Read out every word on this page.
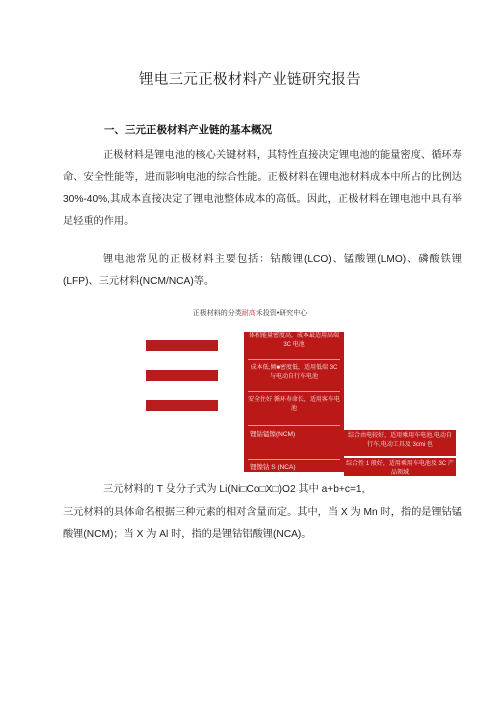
锂电三元正极材料产业链研究报告
一、三元正极材料产业链的基本概况

正极材料是锂电池的核心关键材料，其特性直接决定锂电池的能量密度、循环寿命、安全性能等，进而影响电池的综合性能。正极材料在锂电池材料成本中所占的比例达 30%-40%,其成本直接决定了锂电池整体成本的高低。因此，正极材料在锂电池中具有举足轻重的作用。

锂电池常见的正极材料主要包括：钴酸锂(LCO)、锰酸锂(LMO)、磷酸铁锂(LFP)、三元材料(NCM/NCA)等。

正极材料的分类耐高禾投资•研究中心
体积能量密度高，成本最适用高端 3C 电池
成本低,倾■密度低，适用低端 3C 与电动自行车电池
安全住好 循环寿命长，适用客车电池
锂钴锰镍(NCM)
锂镍钴 S (NCA)
综合由电较好，适用乘用车电池,电动自行车,电动工具及 3cmi 也
综合性 1 般好，适用乘用车电池及 3C 产品领域

三元材料的 T 殳分子式为 Li(Ni□Co□X□)O2 其中 a+b+c=1,

三元材料的具体命名根据三种元素的相对含量而定。其中，当 X 为 Mn 时，指的是锂钴锰酸锂(NCM)；当 X 为 Al 时，指的是锂钴铝酸锂(NCA)。
